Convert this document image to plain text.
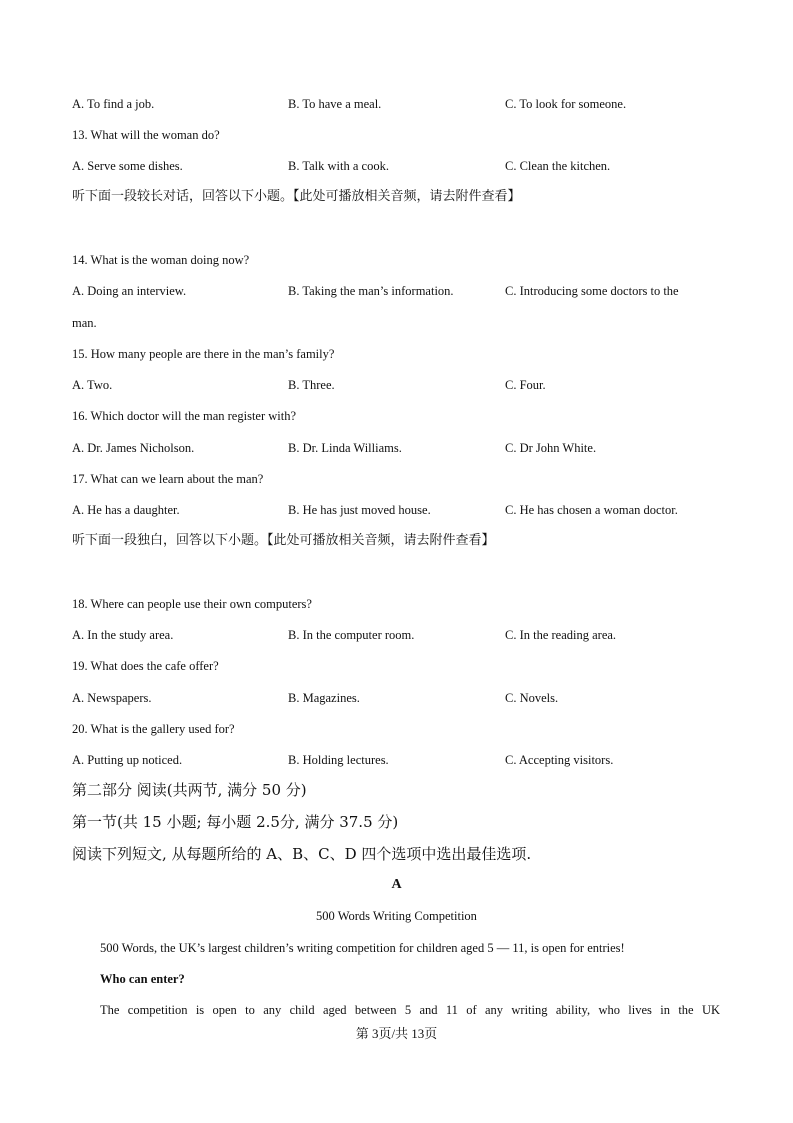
A. To find a job.	B. To have a meal.	C. To look for someone.
13. What will the woman do?
A. Serve some dishes.	B. Talk with a cook.	C. Clean the kitchen.
听下面一段较长对话，回答以下小题。【此处可播放相关音频，请去附件查看】
14. What is the woman doing now?
A. Doing an interview.	B. Taking the man’s information.	C. Introducing some doctors to the
man.
15. How many people are there in the man’s family?
A. Two.	B. Three.	C. Four.
16. Which doctor will the man register with?
A. Dr. James Nicholson.	B. Dr. Linda Williams.	C. Dr John White.
17. What can we learn about the man?
A. He has a daughter.	B. He has just moved house.	C. He has chosen a woman doctor.
听下面一段独白，回答以下小题。【此处可播放相关音频，请去附件查看】
18. Where can people use their own computers?
A. In the study area.	B. In the computer room.	C. In the reading area.
19. What does the cafe offer?
A. Newspapers.	B. Magazines.	C. Novels.
20. What is the gallery used for?
A. Putting up noticed.	B. Holding lectures.	C. Accepting visitors.
第二部分 阅读(共两节, 满分 50 分)
第一节(共 15 小题; 每小题 2.5分, 满分 37.5 分)
阅读下列短文, 从每题所给的 A、B、C、D 四个选项中选出最佳选项.
A
500 Words Writing Competition
500 Words, the UK’s largest children’s writing competition for children aged 5 — 11, is open for entries!
Who can enter?
The competition is open to any child aged between 5 and 11 of any writing ability, who lives in the UK
第 3页/共 13页
